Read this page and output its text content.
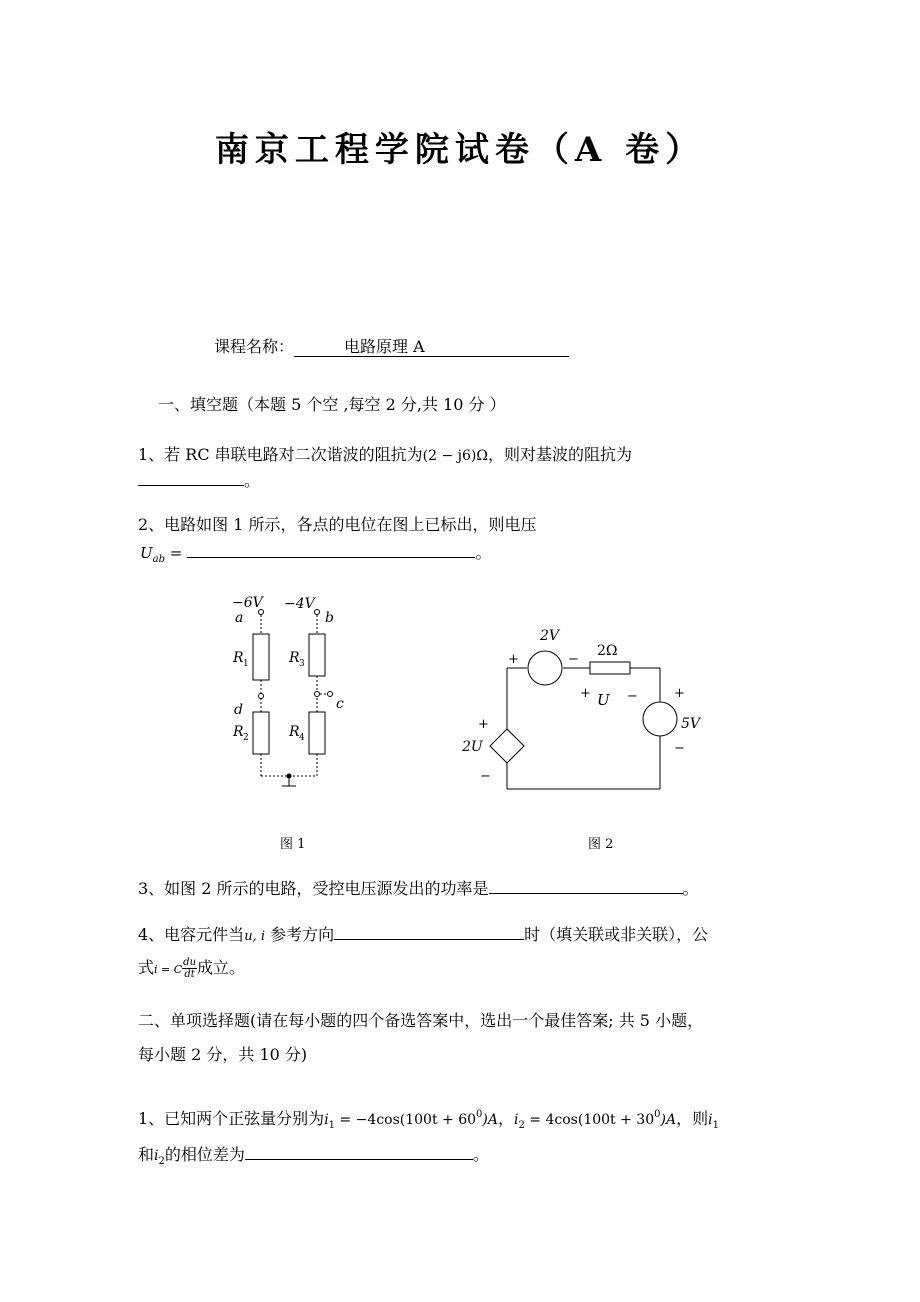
南京工程学院试卷（A 卷）
课程名称：	电路原理 A
一、填空题（本题 5 个空 ,每空 2 分,共 10 分 ）
1、若 RC 串联电路对二次谐波的阻抗为(2 − j6)Ω，则对基波的阻抗为
。
2、电路如图 1 所示，各点的电位在图上已标出，则电压
$U_{ab}$ =	。
−6V −4V
a	b
R 1	R 3
d	c
R 2	R 4
图 1
2V
2Ω
+	−
+ U −	+
5V
−
+
2U
−
图 2
3、如图 2 所示的电路，受控电压源发出的功率是	。
4、电容元件当u, i 参考方向	时（填关联或非关联），公
式i = C $\frac{du}{dt}$ 成立。
二、单项选择题(请在每小题的四个备选答案中，选出一个最佳答案; 共 5 小题，
每小题 2 分，共 10 分)
1、已知两个正弦量分别为$i_1 = -4\cos(100t + 60^0)A$，$i_2 = 4\cos(100t + 30^0)A$，则$i_1$
和$i_2$的相位差为	。
